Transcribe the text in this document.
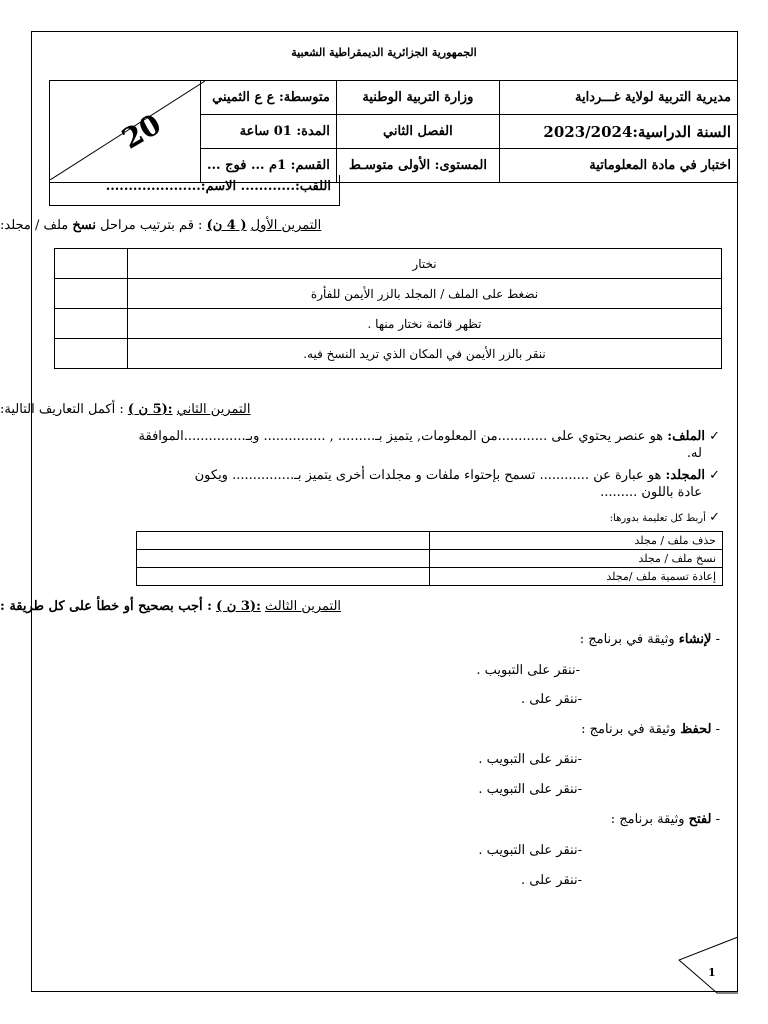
الجمهورية الجزائرية الديمقراطية الشعبية
20	متوسطة: ع ع الثميني	وزارة التربية الوطنية	مديرية التربية لولاية غـــرداية
	المدة: 01 ساعة	الفصل الثاني	السنة الدراسية:2023/2024
	القسم: 1م ... فوج ...	المستوى: الأولى متوسـط	اختبار في مادة المعلوماتية
اللقب:............ الاسم:.....................
التمرين الأول ( 4 ن) : قم بترتيب مراحل نسخ ملف / مجلد:
	نختار
	نضغط على الملف / المجلد بالزر الأيمن للفأرة
	تظهر قائمة نختار منها .
	ننقر بالزر الأيمن في المكان الذي تريد النسخ فيه.
التمرين الثاني :(5 ن ) : أكمل التعاريف التالية:
✓ الملف: هو عنصر يحتوي على ............من المعلومات, يتميز بـ......... , ............... وبـ...............الموافقة
له.
✓ المجلد: هو عبارة عن ............ تسمح بإحتواء ملفات و مجلدات أخرى يتميز بـ............... ويكون
عادة باللون .........
✓ أربط كل تعليمة بدورها:
	حذف ملف / مجلد
	نسخ ملف / مجلد
	إعادة تسمية ملف /مجلد
التمرين الثالث :(3 ن ) : أجب بصحيح أو خطأ على كل طريقة :
- لإنشاء وثيقة في برنامج :
-ننقر على التبويب .
-ننقر على .
- لحفظ وثيقة في برنامج :
-ننقر على التبويب .
-ننقر على التبويب .
- لفتح وثيقة برنامج :
-ننقر على التبويب .
-ننقر على .
1
